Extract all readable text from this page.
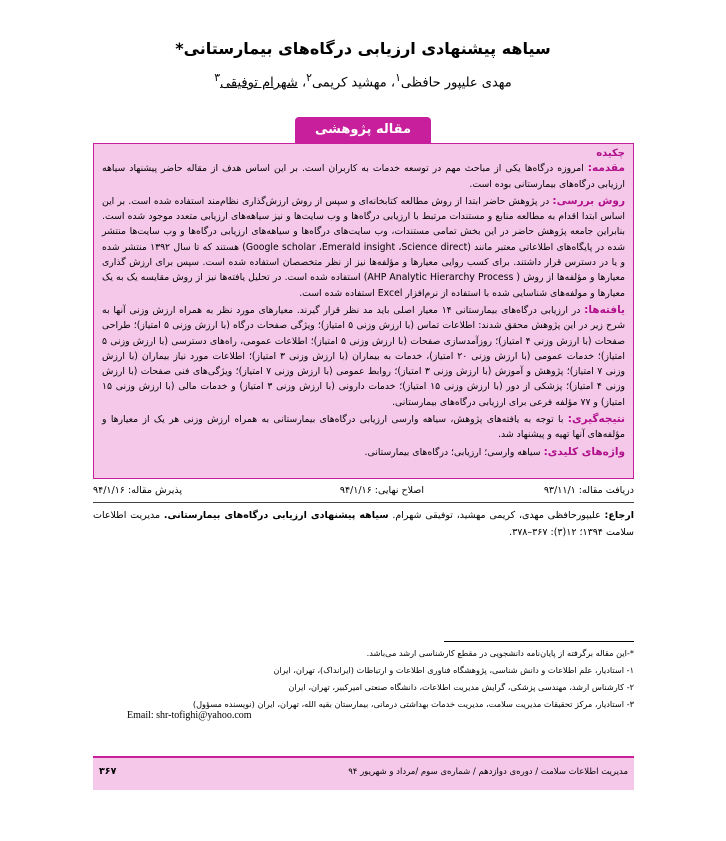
سیاهه پیشنهادی ارزیابی درگاه‌های بیمارستانی*
مهدی علیپور حافظی$^۱$، مهشید کریمی$^۲$، شهرام توفیقی$^۳$
مقاله پژوهشی
چکیده

مقدمه: امروزه درگاه‌ها یکی از مباحث مهم در توسعه خدمات به کاربران است. بر این اساس هدف از مقاله حاضر پیشنهاد سیاهه ارزیابی درگاه‌های بیمارستانی بوده است.

روش بررسی: در پژوهش حاضر ابتدا از روش مطالعه کتابخانه‌ای و سپس از روش ارزش‌گذاری نظام‌مند استفاده شده است. بر این اساس ابتدا اقدام به مطالعه منابع و مستندات مرتبط با ارزیابی درگاه‌ها و وب سایت‌ها و نیز سیاهه‌های ارزیابی متعدد موجود شده است. بنابراین جامعه پژوهش حاضر در این بخش تمامی مستندات، وب سایت‌های درگاه‌ها و سیاهه‌های ارزیابی درگاه‌ها و وب سایت‌ها منتشر شده در پایگاه‌های اطلاعاتی معتبر مانند (Google scholar ،Emerald insight ،Science direct) هستند که تا سال ۱۳۹۲ منتشر شده و یا در دسترس قرار داشتند. برای کسب روایی معیارها و مؤلفه‌ها نیز از نظر متخصصان استفاده شده است. سپس برای ارزش گذاری معیارها و مؤلفه‌ها از روش ( AHP Analytic Hierarchy Process) استفاده شده است. در تحلیل یافته‌ها نیز از روش مقایسه یک به یک معیارها و مولفه‌های شناسایی شده با استفاده از نرم‌افزار Excel استفاده شده است.

یافته‌ها: در ارزیابی درگاه‌های بیمارستانی ۱۴ معیار اصلی باید مد نظر قرار گیرند. معیارهای مورد نظر به همراه ارزش وزنی آنها به شرح زیر در این پژوهش محقق شدند: اطلاعات تماس (با ارزش وزنی ۵ امتیاز)؛ ویژگی صفحات درگاه (با ارزش وزنی ۵ امتیاز)؛ طراحی صفحات (با ارزش وزنی ۴ امتیاز)؛ روزآمدسازی صفحات (با ارزش وزنی ۵ امتیاز)؛ اطلاعات عمومی، راه‌های دسترسی (با ارزش وزنی ۵ امتیاز)؛ خدمات عمومی (با ارزش وزنی ۲۰ امتیاز)، خدمات به بیماران (با ارزش وزنی ۳ امتیاز)؛ اطلاعات مورد نیاز بیماران (با ارزش وزنی ۷ امتیاز)؛ پژوهش و آموزش (با ارزش وزنی ۳ امتیاز)؛ روابط عمومی (با ارزش وزنی ۷ امتیاز)؛ ویژگی‌های فنی صفحات (با ارزش وزنی ۴ امتیاز)؛ پزشکی از دور (با ارزش وزنی ۱۵ امتیاز)؛ خدمات دارونی (با ارزش وزنی ۳ امتیاز) و خدمات مالی (با ارزش وزنی ۱۵ امتیاز) و ۷۷ مؤلفه فرعی برای ارزیابی درگاه‌های بیمارستانی.

نتیجه‌گیری: با توجه به یافته‌های پژوهش، سیاهه وارسی ارزیابی درگاه‌های بیمارستانی به همراه ارزش وزنی هر یک از معیارها و مؤلفه‌های آنها تهیه و پیشنهاد شد.

واژه‌های کلیدی: سیاهه وارسی؛ ارزیابی؛ درگاه‌های بیمارستانی.

دریافت مقاله: ۹۳/۱۱/۱
اصلاح نهایی: ۹۴/۱/۱۶
پذیرش مقاله: ۹۴/۱/۱۶
ارجاع: علیپورحافظی مهدی، کریمی مهشید، توفیقی شهرام. سیاهه پیشنهادی ارزیابی درگاه‌های بیمارستانی. مدیریت اطلاعات سلامت ۱۳۹۴؛ ۱۲(۳): ۳۶۷–۳۷۸.
*-این مقاله برگرفته از پایان‌نامه دانشجویی در مقطع کارشناسی ارشد می‌باشد.
۱- استادیار، علم اطلاعات و دانش شناسی، پژوهشگاه فناوری اطلاعات و ارتباطات (ایرانداک)، تهران، ایران
۲- کارشناس ارشد، مهندسی پزشکی، گرایش مدیریت اطلاعات، دانشگاه صنعتی امیرکبیر، تهران، ایران
۳- استادیار، مرکز تحقیقات مدیریت سلامت، مدیریت خدمات بهداشتی درمانی، بیمارستان بقیه الله، تهران، ایران (نویسنده مسؤول)
Email: shr-tofighi@yahoo.com
مدیریت اطلاعات سلامت / دوره‌ی دوازدهم / شماره‌ی سوم /مرداد و شهریور ۹۴
۳۶۷
